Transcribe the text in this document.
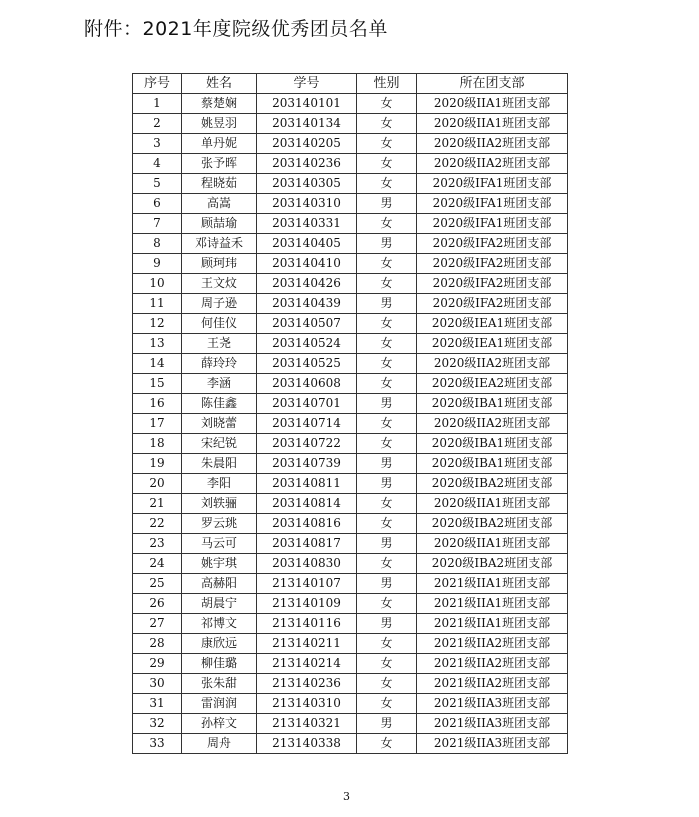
附件：2021年度院级优秀团员名单
序号	姓名	学号	性别	所在团支部
1	蔡楚娴	203140101	女	2020级IIA1班团支部
2	姚昱羽	203140134	女	2020级IIA1班团支部
3	单丹妮	203140205	女	2020级IIA2班团支部
4	张予晖	203140236	女	2020级IIA2班团支部
5	程晓茹	203140305	女	2020级IFA1班团支部
6	高嵩	203140310	男	2020级IFA1班团支部
7	顾喆瑜	203140331	女	2020级IFA1班团支部
8	邓诗益禾	203140405	男	2020级IFA2班团支部
9	顾珂玮	203140410	女	2020级IFA2班团支部
10	王文炆	203140426	女	2020级IFA2班团支部
11	周子逊	203140439	男	2020级IFA2班团支部
12	何佳仪	203140507	女	2020级IEA1班团支部
13	王尧	203140524	女	2020级IEA1班团支部
14	薛玲玲	203140525	女	2020级IIA2班团支部
15	李涵	203140608	女	2020级IEA2班团支部
16	陈佳鑫	203140701	男	2020级IBA1班团支部
17	刘晓蕾	203140714	女	2020级IIA2班团支部
18	宋纪锐	203140722	女	2020级IBA1班团支部
19	朱晨阳	203140739	男	2020级IBA1班团支部
20	李阳	203140811	男	2020级IBA2班团支部
21	刘轶骊	203140814	女	2020级IIA1班团支部
22	罗云珧	203140816	女	2020级IBA2班团支部
23	马云可	203140817	男	2020级IIA1班团支部
24	姚宇琪	203140830	女	2020级IBA2班团支部
25	高赫阳	213140107	男	2021级IIA1班团支部
26	胡晨宁	213140109	女	2021级IIA1班团支部
27	祁博文	213140116	男	2021级IIA1班团支部
28	康欣远	213140211	女	2021级IIA2班团支部
29	柳佳璐	213140214	女	2021级IIA2班团支部
30	张朱甜	213140236	女	2021级IIA2班团支部
31	雷润润	213140310	女	2021级IIA3班团支部
32	孙梓文	213140321	男	2021级IIA3班团支部
33	周舟	213140338	女	2021级IIA3班团支部
3
